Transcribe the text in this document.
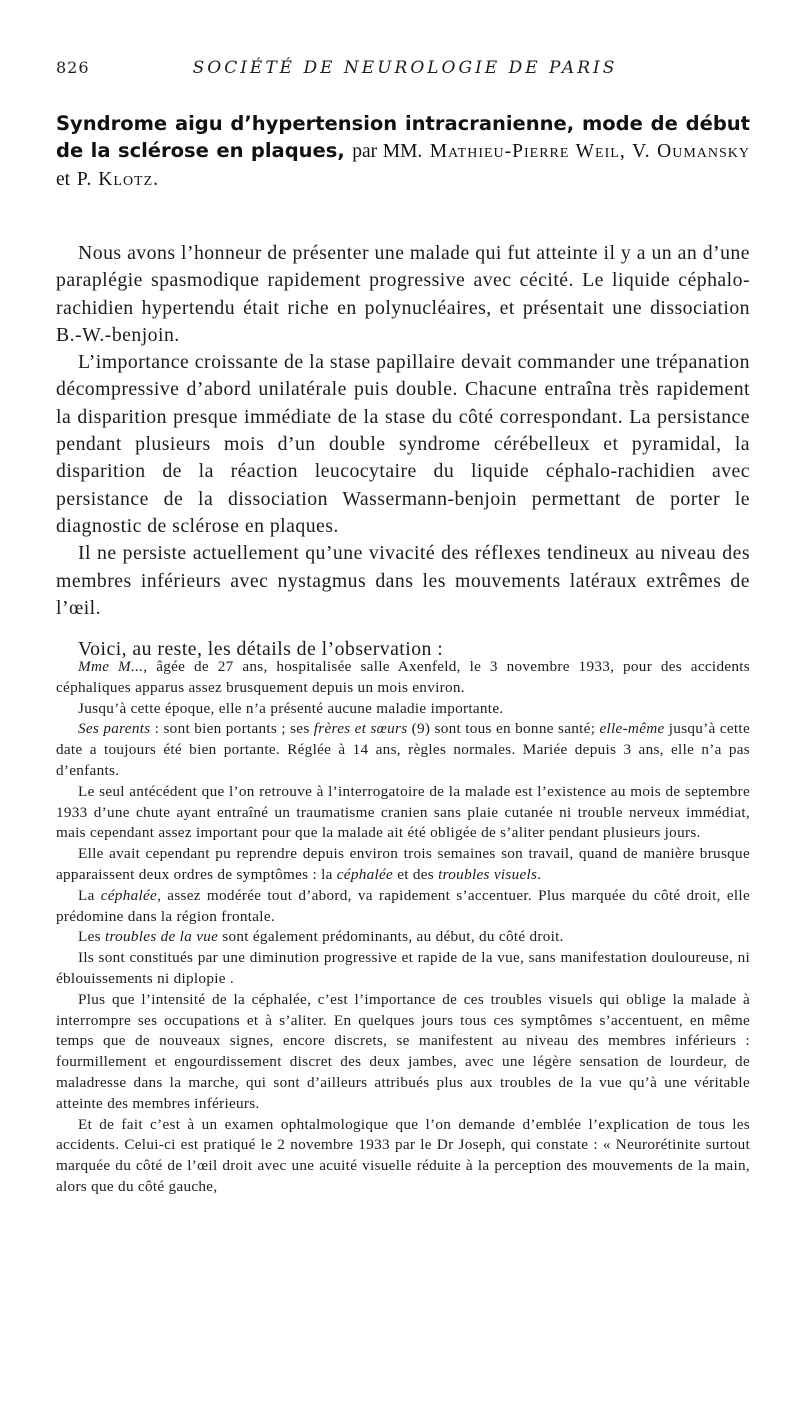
826	SOCIÉTÉ DE NEUROLOGIE DE PARIS

Syndrome aigu d’hypertension intracranienne, mode de début de la sclérose en plaques, par MM. Mathieu-Pierre Weil, V. Oumansky et P. Klotz.

Nous avons l’honneur de présenter une malade qui fut atteinte il y a un an d’une paraplégie spasmodique rapidement progressive avec cécité. Le liquide céphalo-rachidien hypertendu était riche en polynucléaires, et présentait une dissociation B.-W.-benjoin.

L’importance croissante de la stase papillaire devait commander une trépanation décompressive d’abord unilatérale puis double. Chacune entraîna très rapidement la disparition presque immédiate de la stase du côté correspondant. La persistance pendant plusieurs mois d’un double syndrome cérébelleux et pyramidal, la disparition de la réaction leucocytaire du liquide céphalo-rachidien avec persistance de la dissociation Wassermann-benjoin permettant de porter le diagnostic de sclérose en plaques.

Il ne persiste actuellement qu’une vivacité des réflexes tendineux au niveau des membres inférieurs avec nystagmus dans les mouvements latéraux extrêmes de l’œil.

Voici, au reste, les détails de l’observation :

Mme M..., âgée de 27 ans, hospitalisée salle Axenfeld, le 3 novembre 1933, pour des accidents céphaliques apparus assez brusquement depuis un mois environ.

Jusqu’à cette époque, elle n’a présenté aucune maladie importante.

Ses parents : sont bien portants ; ses frères et sœurs (9) sont tous en bonne santé; elle-même jusqu’à cette date a toujours été bien portante. Réglée à 14 ans, règles normales. Mariée depuis 3 ans, elle n’a pas d’enfants.

Le seul antécédent que l’on retrouve à l’interrogatoire de la malade est l’existence au mois de septembre 1933 d’une chute ayant entraîné un traumatisme cranien sans plaie cutanée ni trouble nerveux immédiat, mais cependant assez important pour que la malade ait été obligée de s’aliter pendant plusieurs jours.

Elle avait cependant pu reprendre depuis environ trois semaines son travail, quand de manière brusque apparaissent deux ordres de symptômes : la céphalée et des troubles visuels.

La céphalée, assez modérée tout d’abord, va rapidement s’accentuer. Plus marquée du côté droit, elle prédomine dans la région frontale.

Les troubles de la vue sont également prédominants, au début, du côté droit.

Ils sont constitués par une diminution progressive et rapide de la vue, sans manifestation douloureuse, ni éblouissements ni diplopie .

Plus que l’intensité de la céphalée, c’est l’importance de ces troubles visuels qui oblige la malade à interrompre ses occupations et à s’aliter. En quelques jours tous ces symptômes s’accentuent, en même temps que de nouveaux signes, encore discrets, se manifestent au niveau des membres inférieurs : fourmillement et engourdissement discret des deux jambes, avec une légère sensation de lourdeur, de maladresse dans la marche, qui sont d’ailleurs attribués plus aux troubles de la vue qu’à une véritable atteinte des membres inférieurs.

Et de fait c’est à un examen ophtalmologique que l’on demande d’emblée l’explication de tous les accidents. Celui-ci est pratiqué le 2 novembre 1933 par le Dr Joseph, qui constate : « Neurorétinite surtout marquée du côté de l’œil droit avec une acuité visuelle réduite à la perception des mouvements de la main, alors que du côté gauche,
